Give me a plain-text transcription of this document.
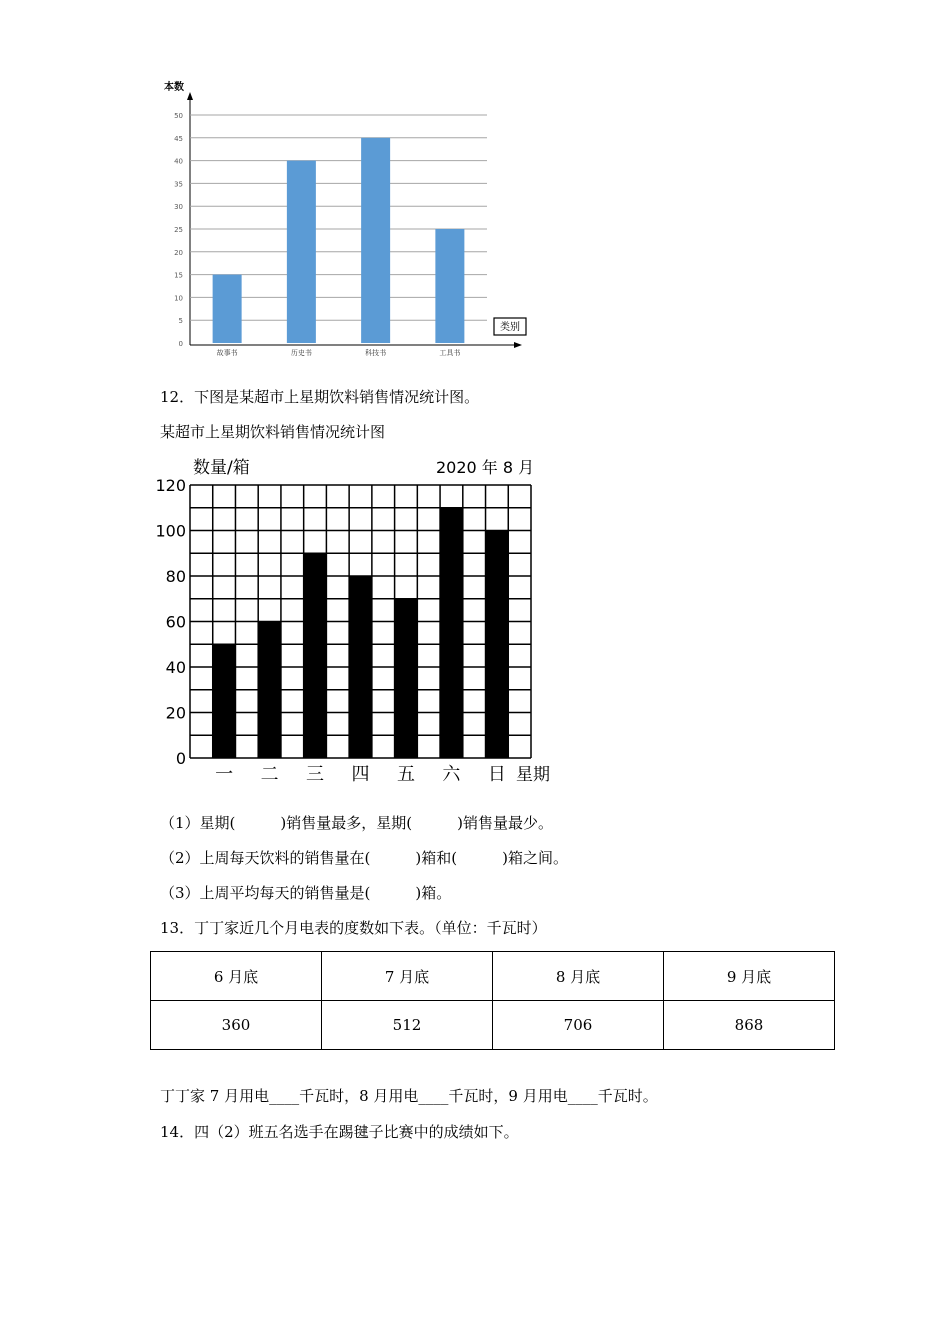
本数
类别
0
5
10
15
20
25
30
35
40
45
50
故事书	历史书	科技书	工具书
12．下图是某超市上星期饮料销售情况统计图。
某超市上星期饮料销售情况统计图
数量/箱	2020 年 8 月
0
20
40
60
80
100
120
一 二 三 四 五 六 日 星期
（1）星期(　　　)销售量最多，星期(　　　)销售量最少。
（2）上周每天饮料的销售量在(　　　)箱和(　　　)箱之间。
（3）上周平均每天的销售量是(　　　)箱。
13．丁丁家近几个月电表的度数如下表。（单位：千瓦时）
6 月底	7 月底	8 月底	9 月底
360	512	706	868
丁丁家 7 月用电____千瓦时，8 月用电____千瓦时，9 月用电____千瓦时。
14．四（2）班五名选手在踢毽子比赛中的成绩如下。
